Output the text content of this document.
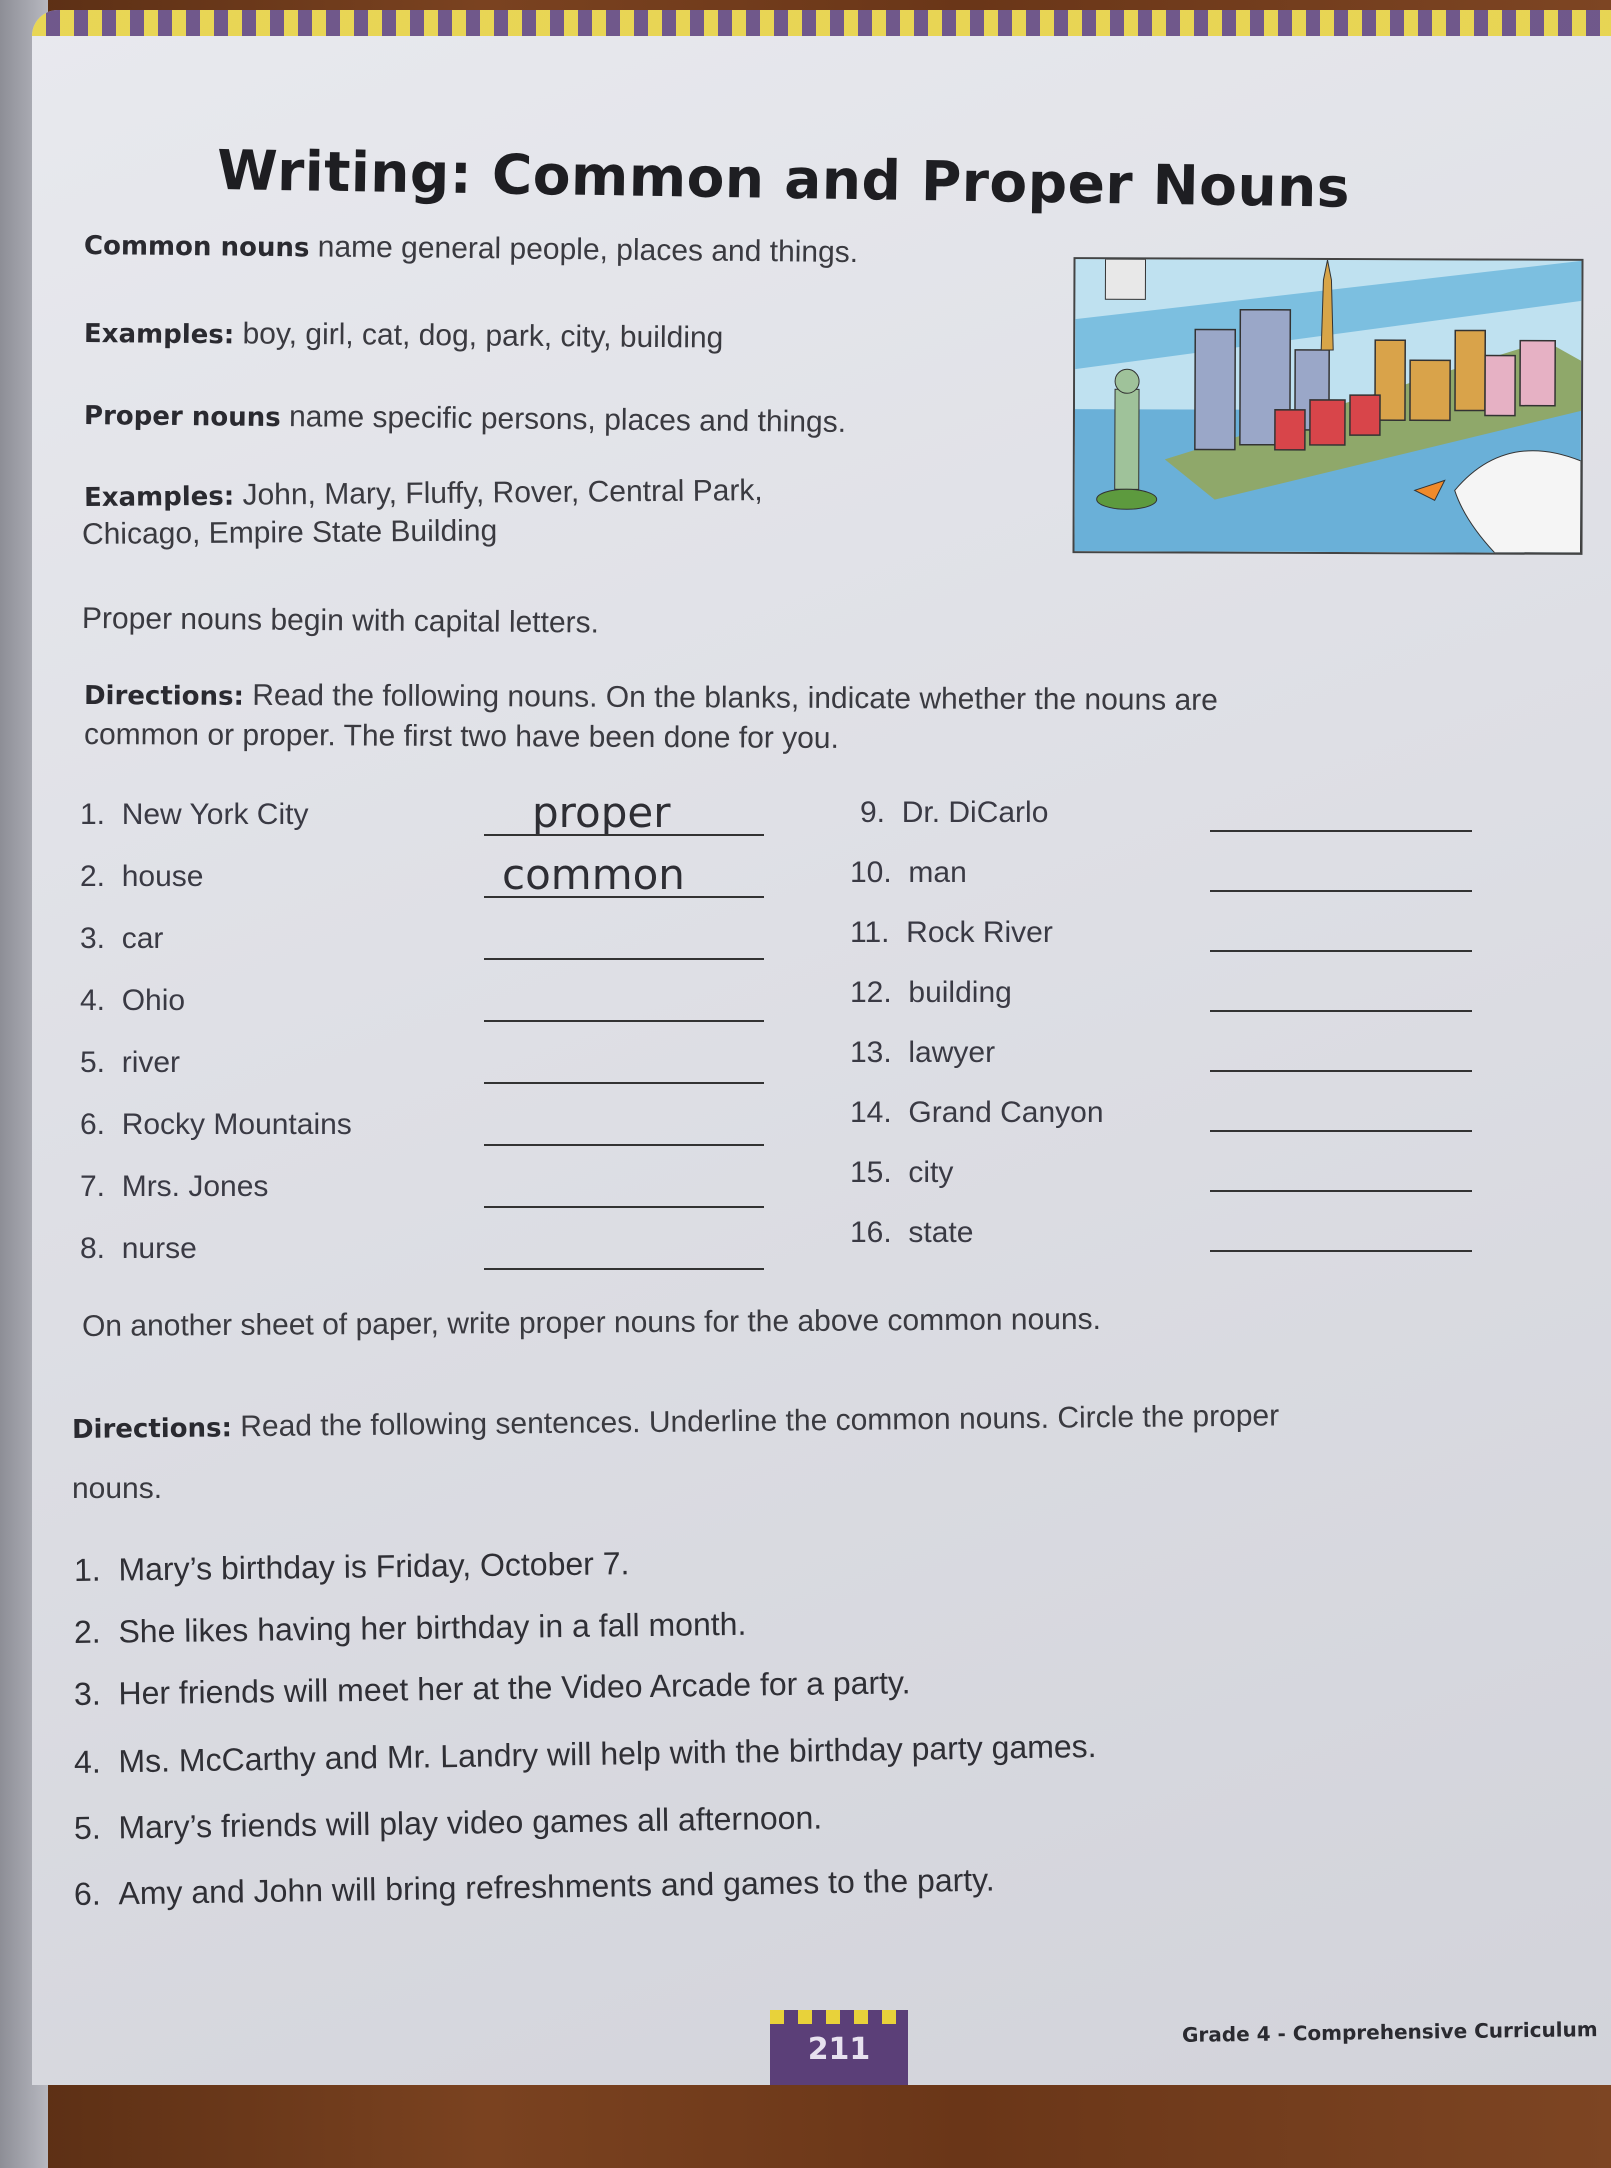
Writing: Common and Proper Nouns
Common nouns name general people, places and things.
Examples: boy, girl, cat, dog, park, city, building
Proper nouns name specific persons, places and things.
Examples: John, Mary, Fluffy, Rover, Central Park,
Chicago, Empire State Building
Proper nouns begin with capital letters.
Directions: Read the following nouns. On the blanks, indicate whether the nouns are
common or proper. The first two have been done for you.
1. New York City
2. house
3. car
4. Ohio
5. river
6. Rocky Mountains
7. Mrs. Jones
8. nurse
proper
common
9. Dr. DiCarlo
10. man
11. Rock River
12. building
13. lawyer
14. Grand Canyon
15. city
16. state
On another sheet of paper, write proper nouns for the above common nouns.
Directions: Read the following sentences. Underline the common nouns. Circle the proper
nouns.
1. Mary’s birthday is Friday, October 7.
2. She likes having her birthday in a fall month.
3. Her friends will meet her at the Video Arcade for a party.
4. Ms. McCarthy and Mr. Landry will help with the birthday party games.
5. Mary’s friends will play video games all afternoon.
6. Amy and John will bring refreshments and games to the party.
211	Grade 4 - Comprehensive Curriculum
